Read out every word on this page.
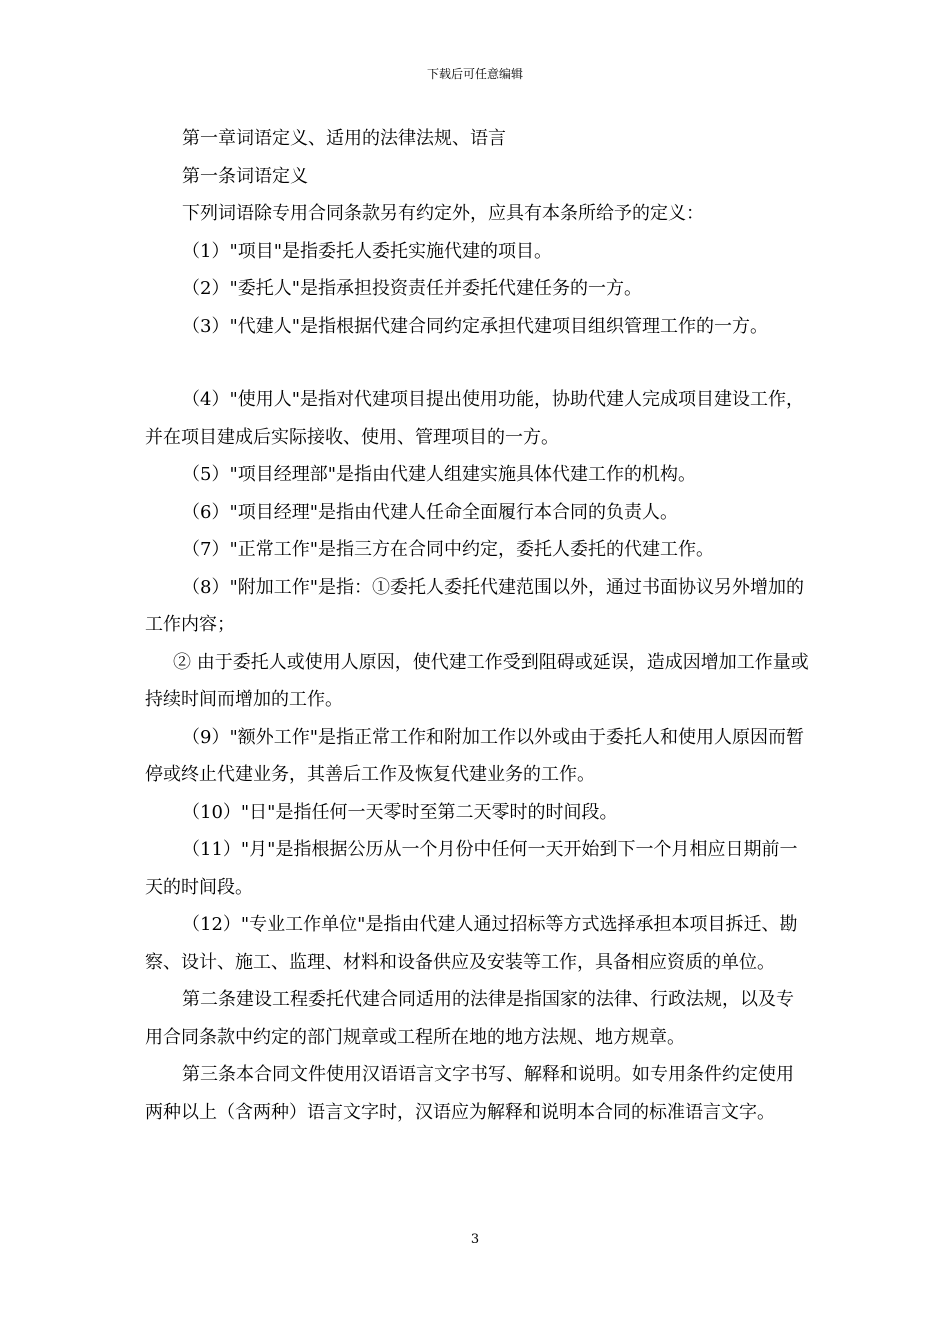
下载后可任意编辑

第一章词语定义、适用的法律法规、语言

第一条词语定义

下列词语除专用合同条款另有约定外，应具有本条所给予的定义：

（1）"项目"是指委托人委托实施代建的项目。

（2）"委托人"是指承担投资责任并委托代建任务的一方。

（3）"代建人"是指根据代建合同约定承担代建项目组织管理工作的一方。

（4）"使用人"是指对代建项目提出使用功能，协助代建人完成项目建设工作，并在项目建成后实际接收、使用、管理项目的一方。

（5）"项目经理部"是指由代建人组建实施具体代建工作的机构。

（6）"项目经理"是指由代建人任命全面履行本合同的负责人。

（7）"正常工作"是指三方在合同中约定，委托人委托的代建工作。

（8）"附加工作"是指：①委托人委托代建范围以外，通过书面协议另外增加的工作内容；

② 由于委托人或使用人原因，使代建工作受到阻碍或延误，造成因增加工作量或持续时间而增加的工作。

（9）"额外工作"是指正常工作和附加工作以外或由于委托人和使用人原因而暂停或终止代建业务，其善后工作及恢复代建业务的工作。

（10）"日"是指任何一天零时至第二天零时的时间段。

（11）"月"是指根据公历从一个月份中任何一天开始到下一个月相应日期前一天的时间段。

（12）"专业工作单位"是指由代建人通过招标等方式选择承担本项目拆迁、勘察、设计、施工、监理、材料和设备供应及安装等工作，具备相应资质的单位。

第二条建设工程委托代建合同适用的法律是指国家的法律、行政法规，以及专用合同条款中约定的部门规章或工程所在地的地方法规、地方规章。

第三条本合同文件使用汉语语言文字书写、解释和说明。如专用条件约定使用两种以上（含两种）语言文字时，汉语应为解释和说明本合同的标准语言文字。

3
